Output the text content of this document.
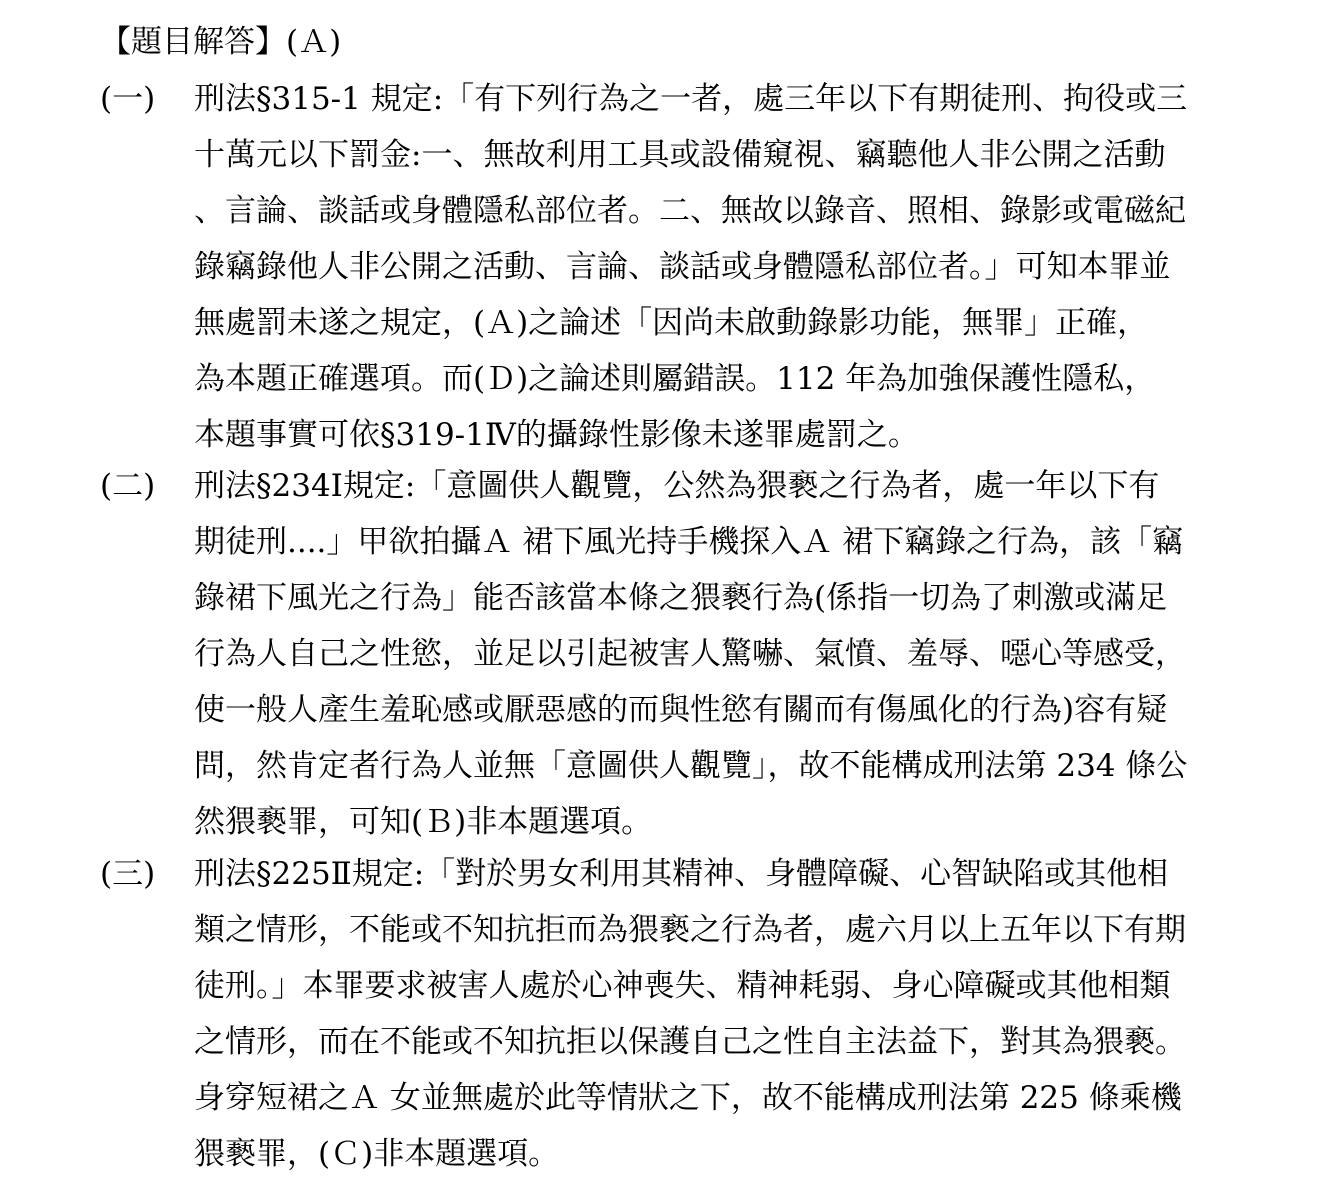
【題目解答】(Ａ)
(一)	刑法§315-1 規定:「有下列行為之一者，處三年以下有期徒刑、拘役或三
十萬元以下罰金:一、無故利用工具或設備窺視、竊聽他人非公開之活動
、言論、談話或身體隱私部位者。二、無故以錄音、照相、錄影或電磁紀
錄竊錄他人非公開之活動、言論、談話或身體隱私部位者。」可知本罪並
無處罰未遂之規定，(Ａ)之論述「因尚未啟動錄影功能，無罪」正確，
為本題正確選項。而(Ｄ)之論述則屬錯誤。112 年為加強保護性隱私，
本題事實可依§319-1Ⅳ的攝錄性影像未遂罪處罰之。
(二)	刑法§234Ⅰ規定:「意圖供人觀覽，公然為猥褻之行為者，處一年以下有
期徒刑....」甲欲拍攝Ａ 裙下風光持手機探入Ａ 裙下竊錄之行為，該「竊
錄裙下風光之行為」能否該當本條之猥褻行為(係指一切為了刺激或滿足
行為人自己之性慾，並足以引起被害人驚嚇、氣憤、羞辱、噁心等感受，
使一般人產生羞恥感或厭惡感的而與性慾有關而有傷風化的行為)容有疑
問，然肯定者行為人並無「意圖供人觀覽」，故不能構成刑法第 234 條公
然猥褻罪，可知(Ｂ)非本題選項。
(三)	刑法§225Ⅱ規定:「對於男女利用其精神、身體障礙、心智缺陷或其他相
類之情形，不能或不知抗拒而為猥褻之行為者，處六月以上五年以下有期
徒刑。」本罪要求被害人處於心神喪失、精神耗弱、身心障礙或其他相類
之情形，而在不能或不知抗拒以保護自己之性自主法益下，對其為猥褻。
身穿短裙之Ａ 女並無處於此等情狀之下，故不能構成刑法第 225 條乘機
猥褻罪，(Ｃ)非本題選項。
